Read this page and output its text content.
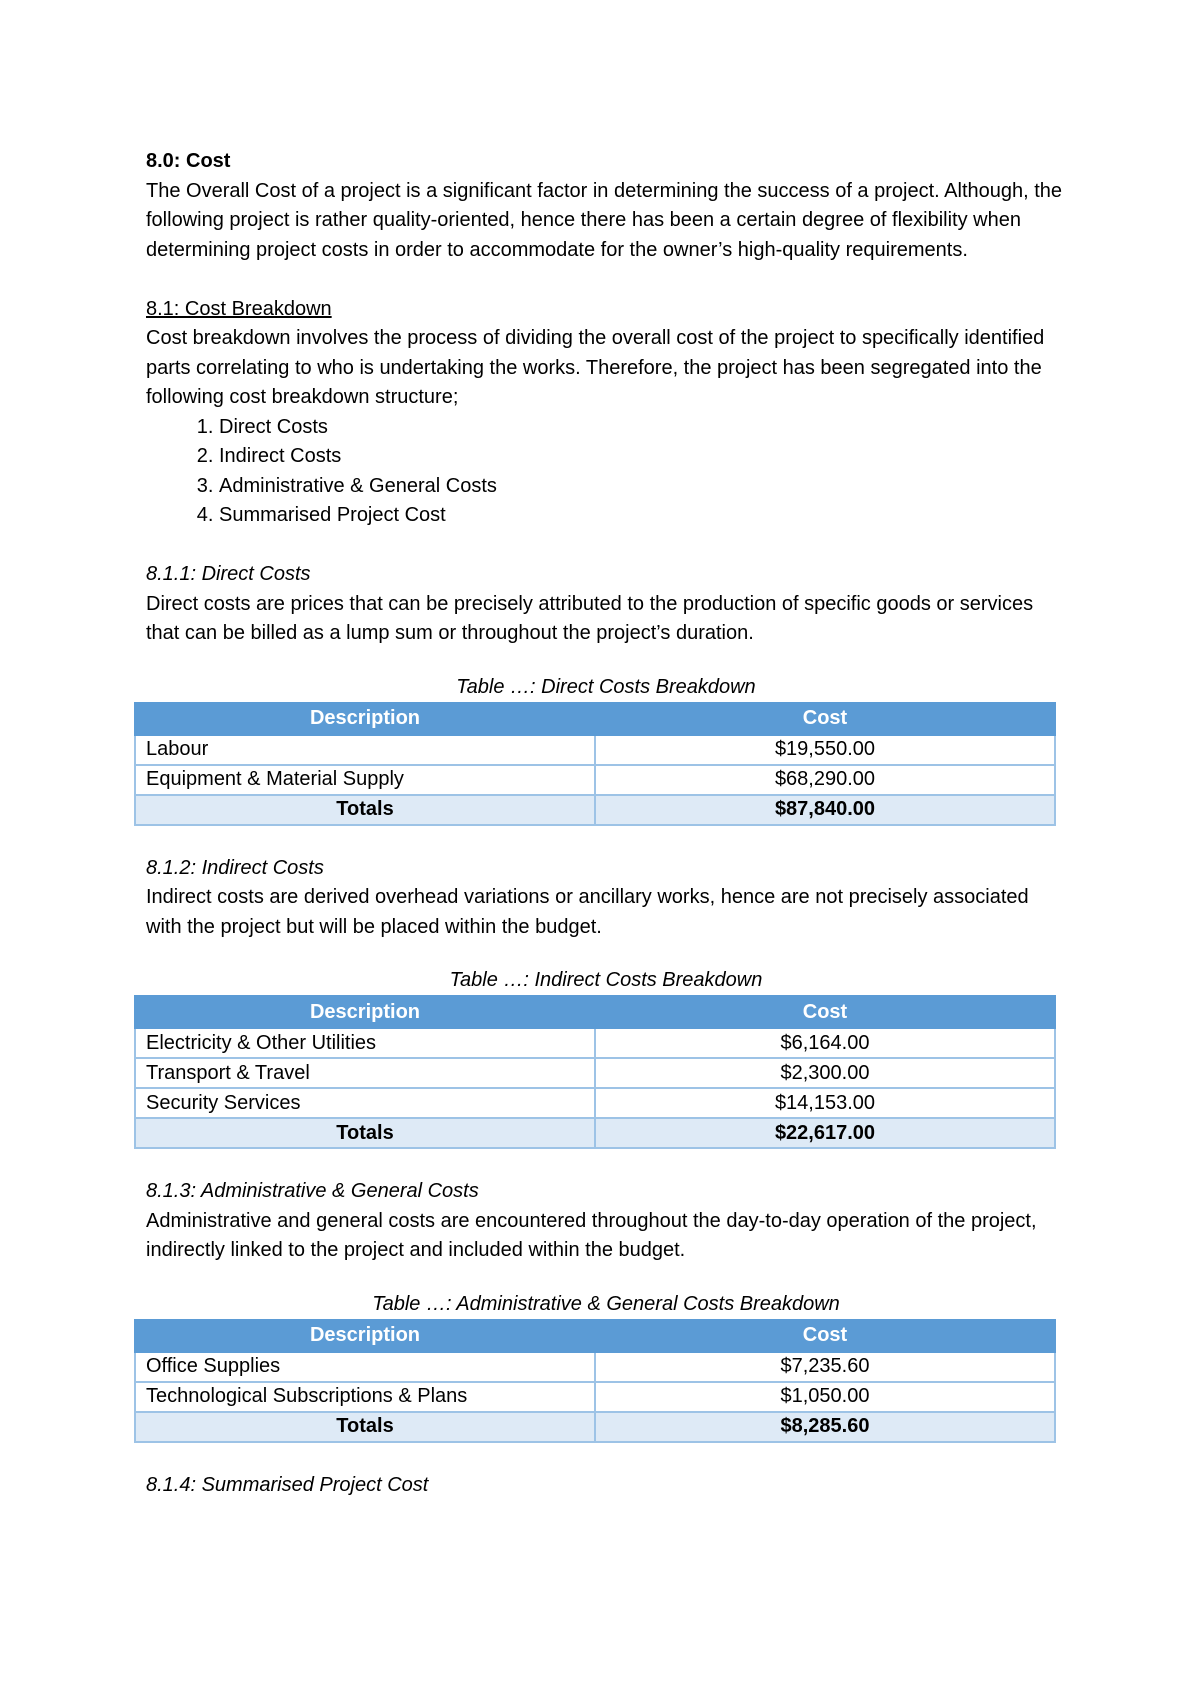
8.0: Cost

The Overall Cost of a project is a significant factor in determining the success of a project. Although, the following project is rather quality-oriented, hence there has been a certain degree of flexibility when determining project costs in order to accommodate for the owner’s high-quality requirements.

8.1: Cost Breakdown

Cost breakdown involves the process of dividing the overall cost of the project to specifically identified parts correlating to who is undertaking the works. Therefore, the project has been segregated into the following cost breakdown structure;

1. Direct Costs
2. Indirect Costs
3. Administrative & General Costs
4. Summarised Project Cost

8.1.1: Direct Costs

Direct costs are prices that can be precisely attributed to the production of specific goods or services that can be billed as a lump sum or throughout the project’s duration.

Table …: Direct Costs Breakdown

Description	Cost
Labour	$19,550.00
Equipment & Material Supply	$68,290.00
Totals	$87,840.00

8.1.2: Indirect Costs

Indirect costs are derived overhead variations or ancillary works, hence are not precisely associated with the project but will be placed within the budget.

Table …: Indirect Costs Breakdown

Description	Cost
Electricity & Other Utilities	$6,164.00
Transport & Travel	$2,300.00
Security Services	$14,153.00
Totals	$22,617.00

8.1.3: Administrative & General Costs

Administrative and general costs are encountered throughout the day-to-day operation of the project, indirectly linked to the project and included within the budget.

Table …: Administrative & General Costs Breakdown

Description	Cost
Office Supplies	$7,235.60
Technological Subscriptions & Plans	$1,050.00
Totals	$8,285.60

8.1.4: Summarised Project Cost
